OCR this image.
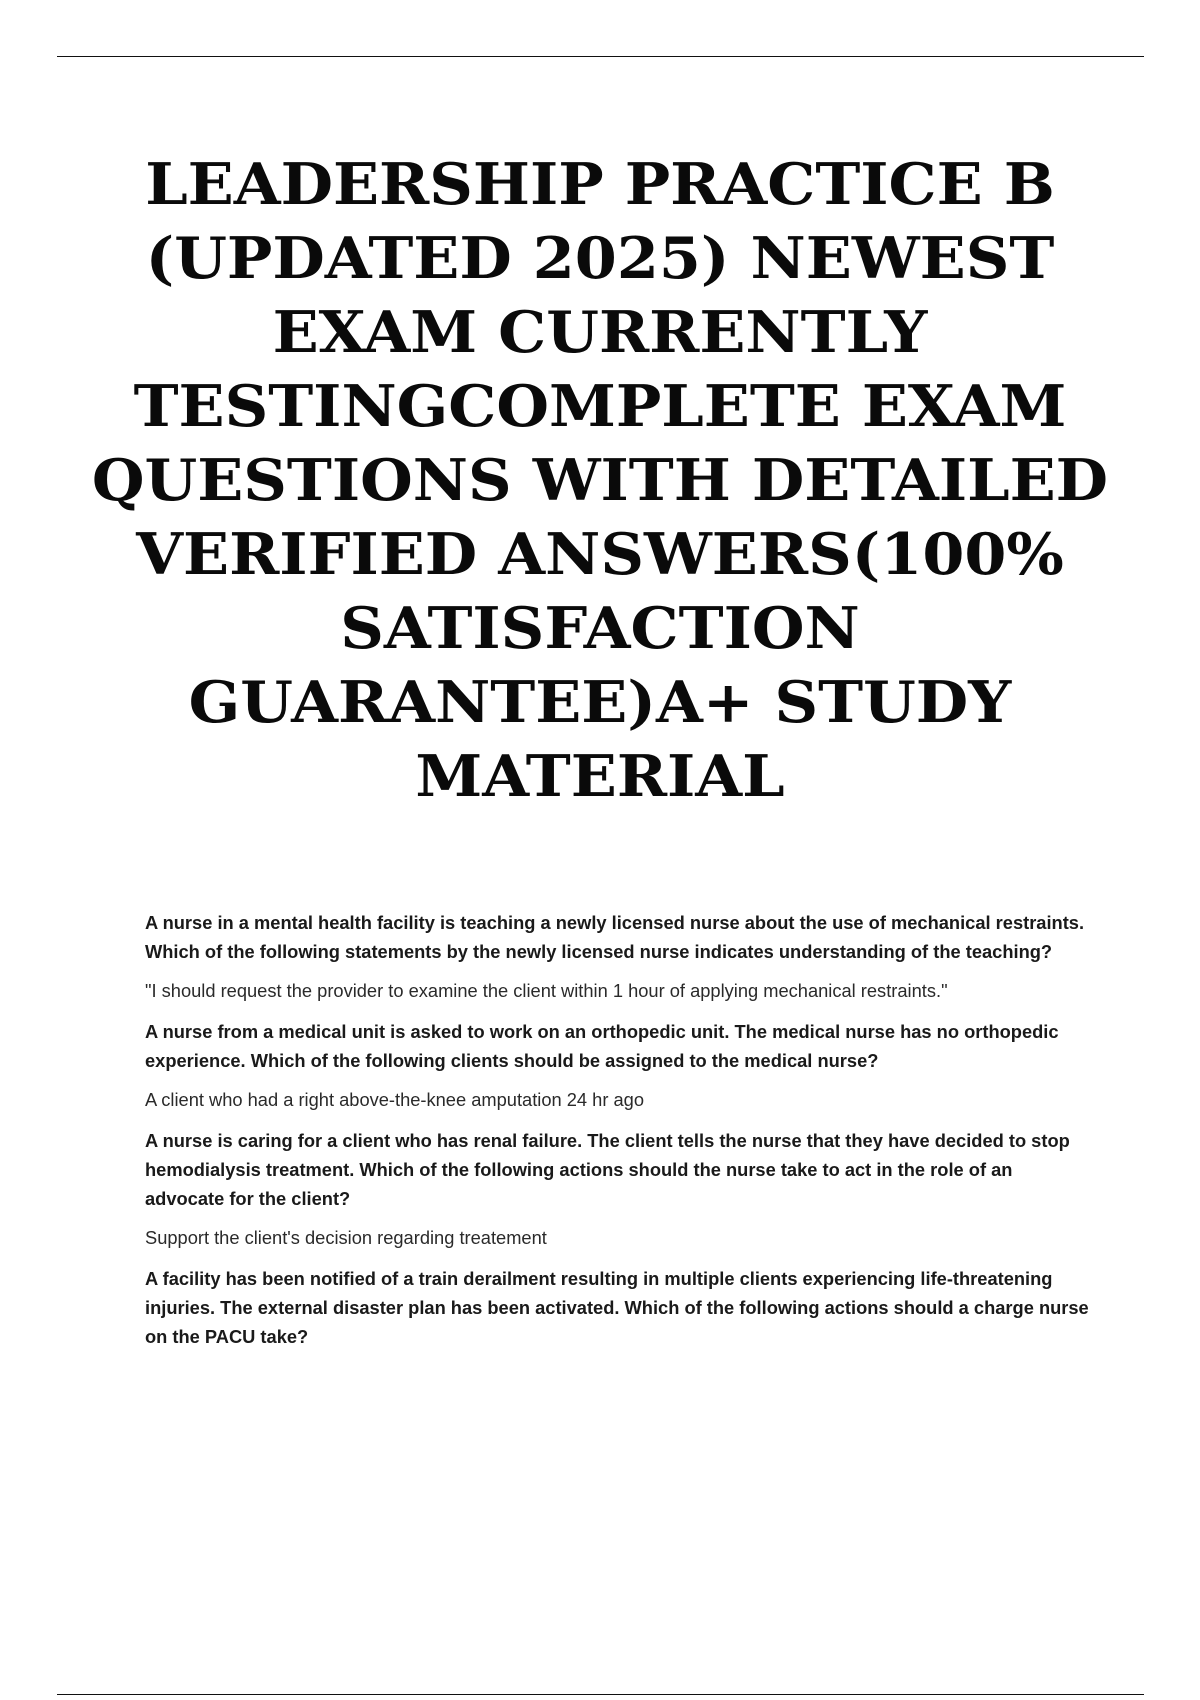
LEADERSHIP PRACTICE B (UPDATED 2025) NEWEST EXAM CURRENTLY TESTINGCOMPLETE EXAM QUESTIONS WITH DETAILED VERIFIED ANSWERS(100% SATISFACTION GUARANTEE)A+ STUDY MATERIAL

A nurse in a mental health facility is teaching a newly licensed nurse about the use of mechanical restraints. Which of the following statements by the newly licensed nurse indicates understanding of the teaching?

"I should request the provider to examine the client within 1 hour of applying mechanical restraints."

A nurse from a medical unit is asked to work on an orthopedic unit. The medical nurse has no orthopedic experience. Which of the following clients should be assigned to the medical nurse?

A client who had a right above-the-knee amputation 24 hr ago

A nurse is caring for a client who has renal failure. The client tells the nurse that they have decided to stop hemodialysis treatment. Which of the following actions should the nurse take to act in the role of an advocate for the client?

Support the client's decision regarding treatement

A facility has been notified of a train derailment resulting in multiple clients experiencing life-threatening injuries. The external disaster plan has been activated. Which of the following actions should a charge nurse on the PACU take?
